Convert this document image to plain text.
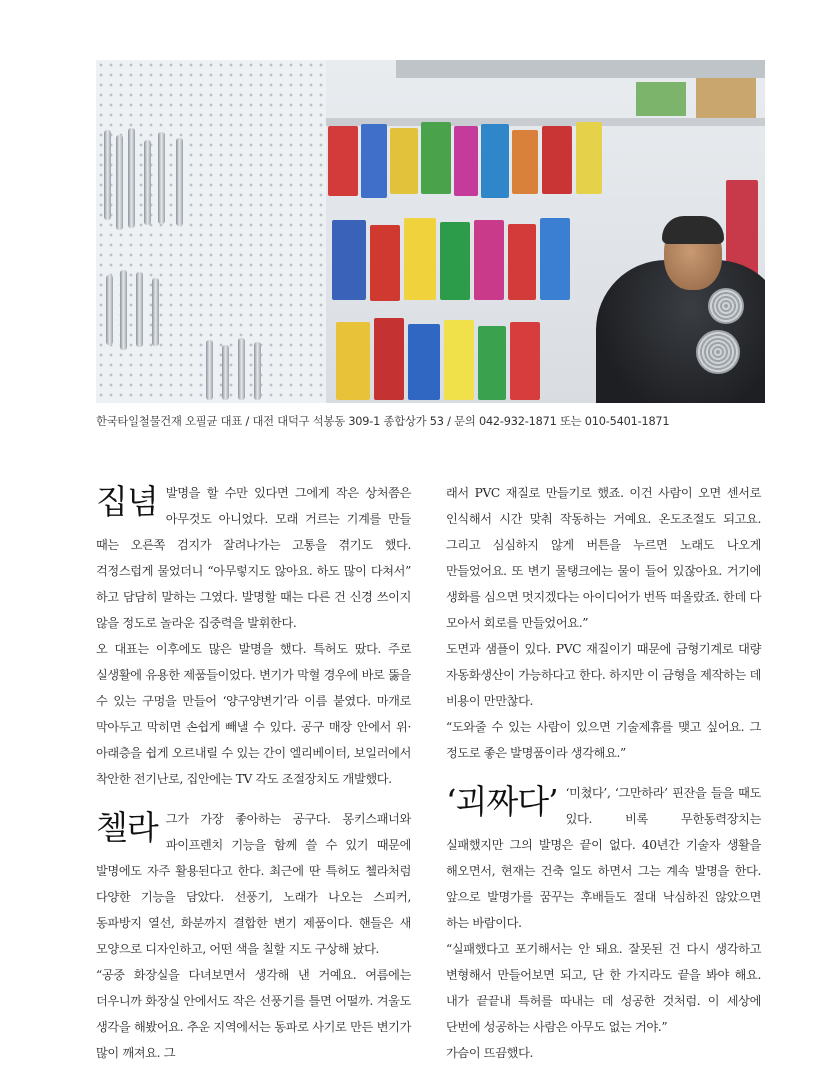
한국타일철물건재 오필균 대표 / 대전 대덕구 석봉동 309-1 종합상가 53 / 문의 042-932-1871 또는 010-5401-1871
집념 발명을 할 수만 있다면 그에게 작은 상처쯤은 아무것도 아니었다. 모래 거르는 기계를 만들 때는 오른쪽 검지가 잘려나가는 고통을 겪기도 했다. 걱정스럽게 물었더니 “아무렇지도 않아요. 하도 많이 다쳐서” 하고 담담히 말하는 그였다. 발명할 때는 다른 건 신경 쓰이지 않을 정도로 놀라운 집중력을 발휘한다.

오 대표는 이후에도 많은 발명을 했다. 특허도 땄다. 주로 실생활에 유용한 제품들이었다. 변기가 막혈 경우에 바로 뚫을 수 있는 구멍을 만들어 ‘양구양변기’라 이름 붙였다. 마개로 막아두고 막히면 손쉽게 빼낼 수 있다. 공구 매장 안에서 위·아래층을 쉽게 오르내릴 수 있는 간이 엘리베이터, 보일러에서 착안한 전기난로, 집안에는 TV 각도 조절장치도 개발했다.

첼라 그가 가장 좋아하는 공구다. 몽키스패너와 파이프렌치 기능을 함께 쓸 수 있기 때문에 발명에도 자주 활용된다고 한다. 최근에 딴 특허도 첼라처럼 다양한 기능을 담았다. 선풍기, 노래가 나오는 스피커, 동파방지 열선, 화분까지 결합한 변기 제품이다. 핸들은 새 모양으로 디자인하고, 어떤 색을 칠할 지도 구상해 놨다.

“공중 화장실을 다녀보면서 생각해 낸 거예요. 여름에는 더우니까 화장실 안에서도 작은 선풍기를 틀면 어떨까. 겨울도 생각을 해봤어요. 추운 지역에서는 동파로 사기로 만든 변기가 많이 깨져요. 그

래서 PVC 재질로 만들기로 했죠. 이건 사람이 오면 센서로 인식해서 시간 맞춰 작동하는 거예요. 온도조절도 되고요. 그리고 심심하지 않게 버튼을 누르면 노래도 나오게 만들었어요. 또 변기 물탱크에는 물이 들어 있잖아요. 거기에 생화를 심으면 멋지겠다는 아이디어가 번뜩 떠올랐죠. 한데 다 모아서 회로를 만들었어요.”

도면과 샘플이 있다. PVC 재질이기 때문에 금형기계로 대량 자동화생산이 가능하다고 한다. 하지만 이 금형을 제작하는 데 비용이 만만찮다.

“도와줄 수 있는 사람이 있으면 기술제휴를 맺고 싶어요. 그 정도로 좋은 발명품이라 생각해요.”

‘괴짜다’ ‘미쳤다’, ‘그만하라’ 핀잔을 들을 때도 있다. 비록 무한동력장치는 실패했지만 그의 발명은 끝이 없다. 40년간 기술자 생활을 해오면서, 현재는 건축 일도 하면서 그는 계속 발명을 한다. 앞으로 발명가를 꿈꾸는 후배들도 절대 낙심하진 않았으면 하는 바람이다.

“실패했다고 포기해서는 안 돼요. 잘못된 건 다시 생각하고 변형해서 만들어보면 되고, 단 한 가지라도 끝을 봐야 해요. 내가 끝끝내 특허를 따내는 데 성공한 것처럼. 이 세상에 단번에 성공하는 사람은 아무도 없는 거야.”

가슴이 뜨끔했다.
